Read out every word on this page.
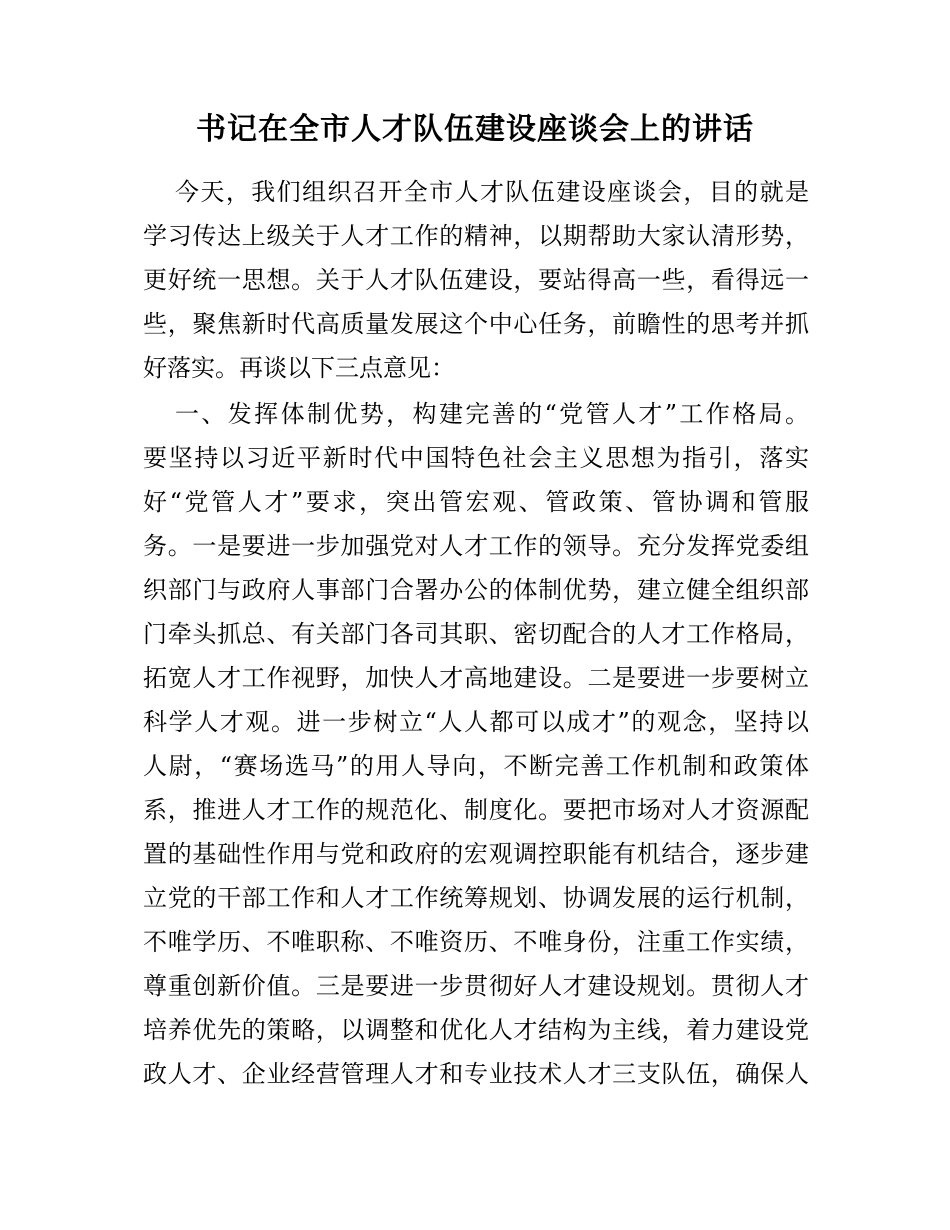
书记在全市人才队伍建设座谈会上的讲话
今天，我们组织召开全市人才队伍建设座谈会，目的就是
学习传达上级关于人才工作的精神，以期帮助大家认清形势，
更好统一思想。关于人才队伍建设，要站得高一些，看得远一
些，聚焦新时代高质量发展这个中心任务，前瞻性的思考并抓
好落实。再谈以下三点意见：
一、发挥体制优势，构建完善的“党管人才”工作格局。
要坚持以习近平新时代中国特色社会主义思想为指引，落实
好“党管人才”要求，突出管宏观、管政策、管协调和管服
务。一是要进一步加强党对人才工作的领导。充分发挥党委组
织部门与政府人事部门合署办公的体制优势，建立健全组织部
门牵头抓总、有关部门各司其职、密切配合的人才工作格局，
拓宽人才工作视野，加快人才高地建设。二是要进一步要树立
科学人才观。进一步树立“人人都可以成才”的观念，坚持以
人尉，“赛场选马”的用人导向，不断完善工作机制和政策体
系，推进人才工作的规范化、制度化。要把市场对人才资源配
置的基础性作用与党和政府的宏观调控职能有机结合，逐步建
立党的干部工作和人才工作统筹规划、协调发展的运行机制，
不唯学历、不唯职称、不唯资历、不唯身份，注重工作实绩，
尊重创新价值。三是要进一步贯彻好人才建设规划。贯彻人才
培养优先的策略，以调整和优化人才结构为主线，着力建设党
政人才、企业经营管理人才和专业技术人才三支队伍，确保人
